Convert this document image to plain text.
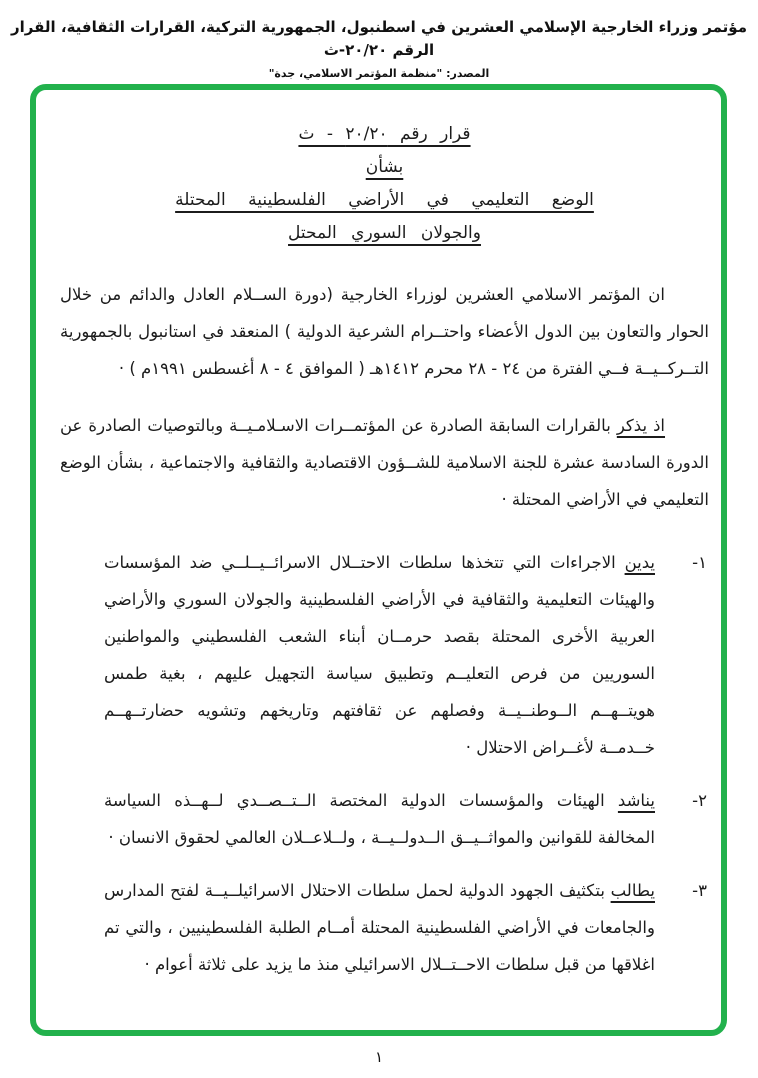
مؤتمر وزراء الخارجية الإسلامي العشرين في اسطنبول، الجمهورية التركية، القرارات الثقافية، القرار الرقم ٢٠/٢٠-ث
المصدر: "منظمة المؤتمر الاسلامي، جدة"
قرار رقم ٢٠/٢٠ - ث
بشأن
الوضع التعليمي في الأراضي الفلسطينية المحتلة
والجولان السوري المحتل

ان المؤتمر الاسلامي العشرين لوزراء الخارجية (دورة الســلام العادل والدائم من خلال الحوار والتعاون بين الدول الأعضاء واحتــرام الشرعية الدولية ) المنعقد في استانبول بالجمهورية التــركــيــة فــي الفترة من ٢٤ - ٢٨ محرم ١٤١٢هـ ( الموافق ٤ - ٨ أغسطس ١٩٩١م ) ·

اذ يذكر بالقرارات السابقة الصادرة عن المؤتمــرات الاسـلامـيــة وبالتوصيات الصادرة عن الدورة السادسة عشرة للجنة الاسلامية للشــؤون الاقتصادية والثقافية والاجتماعية ، بشأن الوضع التعليمي في الأراضي المحتلة ·

١-

يدين الاجراءات التي تتخذها سلطات الاحتــلال الاسرائــيــلــي ضد المؤسسات والهيئات التعليمية والثقافية في الأراضي الفلسطينية والجولان السوري والأراضي العربية الأخرى المحتلة بقصد حرمــان أبناء الشعب الفلسطيني والمواطنين السوريين من فرص التعليــم وتطبيق سياسة التجهيل عليهم ، بغية طمس هويتــهــم الــوطنــيــة وفصلهم عن ثقافتهم وتاريخهم وتشويه حضارتــهــم خــدمــة لأغــراض الاحتلال ·

٢-

يناشد الهيئات والمؤسسات الدولية المختصة الــتــصــدي لــهــذه السياسة المخالفة للقوانين والمواثــيــق الــدولــيــة ، ولــلاعــلان العالمي لحقوق الانسان ·

٣-

يطالب بتكثيف الجهود الدولية لحمل سلطات الاحتلال الاسرائيلــيــة لفتح المدارس والجامعات في الأراضي الفلسطينية المحتلة أمــام الطلبة الفلسطينيين ، والتي تم اغلاقها من قبل سلطات الاحــتــلال الاسرائيلي منذ ما يزيد على ثلاثة أعوام ·

١
